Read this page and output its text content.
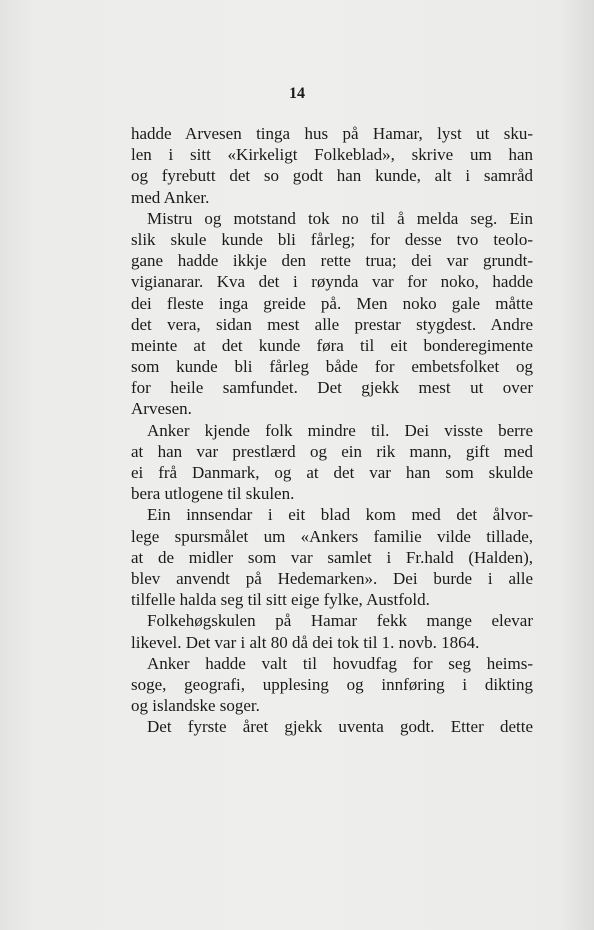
14
hadde Arvesen tinga hus på Hamar, lyst ut sku-
len i sitt «Kirkeligt Folkeblad», skrive um han
og fyrebutt det so godt han kunde, alt i samråd
med Anker.
Mistru og motstand tok no til å melda seg. Ein
slik skule kunde bli fårleg; for desse tvo teolo-
gane hadde ikkje den rette trua; dei var grundt-
vigianarar. Kva det i røynda var for noko, hadde
dei fleste inga greide på. Men noko gale måtte
det vera, sidan mest alle prestar stygdest. Andre
meinte at det kunde føra til eit bonderegimente
som kunde bli fårleg både for embetsfolket og
for heile samfundet. Det gjekk mest ut over
Arvesen.
Anker kjende folk mindre til. Dei visste berre
at han var prestlærd og ein rik mann, gift med
ei frå Danmark, og at det var han som skulde
bera utlogene til skulen.
Ein innsendar i eit blad kom med det ålvor-
lege spursmålet um «Ankers familie vilde tillade,
at de midler som var samlet i Fr.hald (Halden),
blev anvendt på Hedemarken». Dei burde i alle
tilfelle halda seg til sitt eige fylke, Austfold.
Folkehøgskulen på Hamar fekk mange elevar
likevel. Det var i alt 80 då dei tok til 1. novb. 1864.
Anker hadde valt til hovudfag for seg heims-
soge, geografi, upplesing og innføring i dikting
og islandske soger.
Det fyrste året gjekk uventa godt. Etter dette
